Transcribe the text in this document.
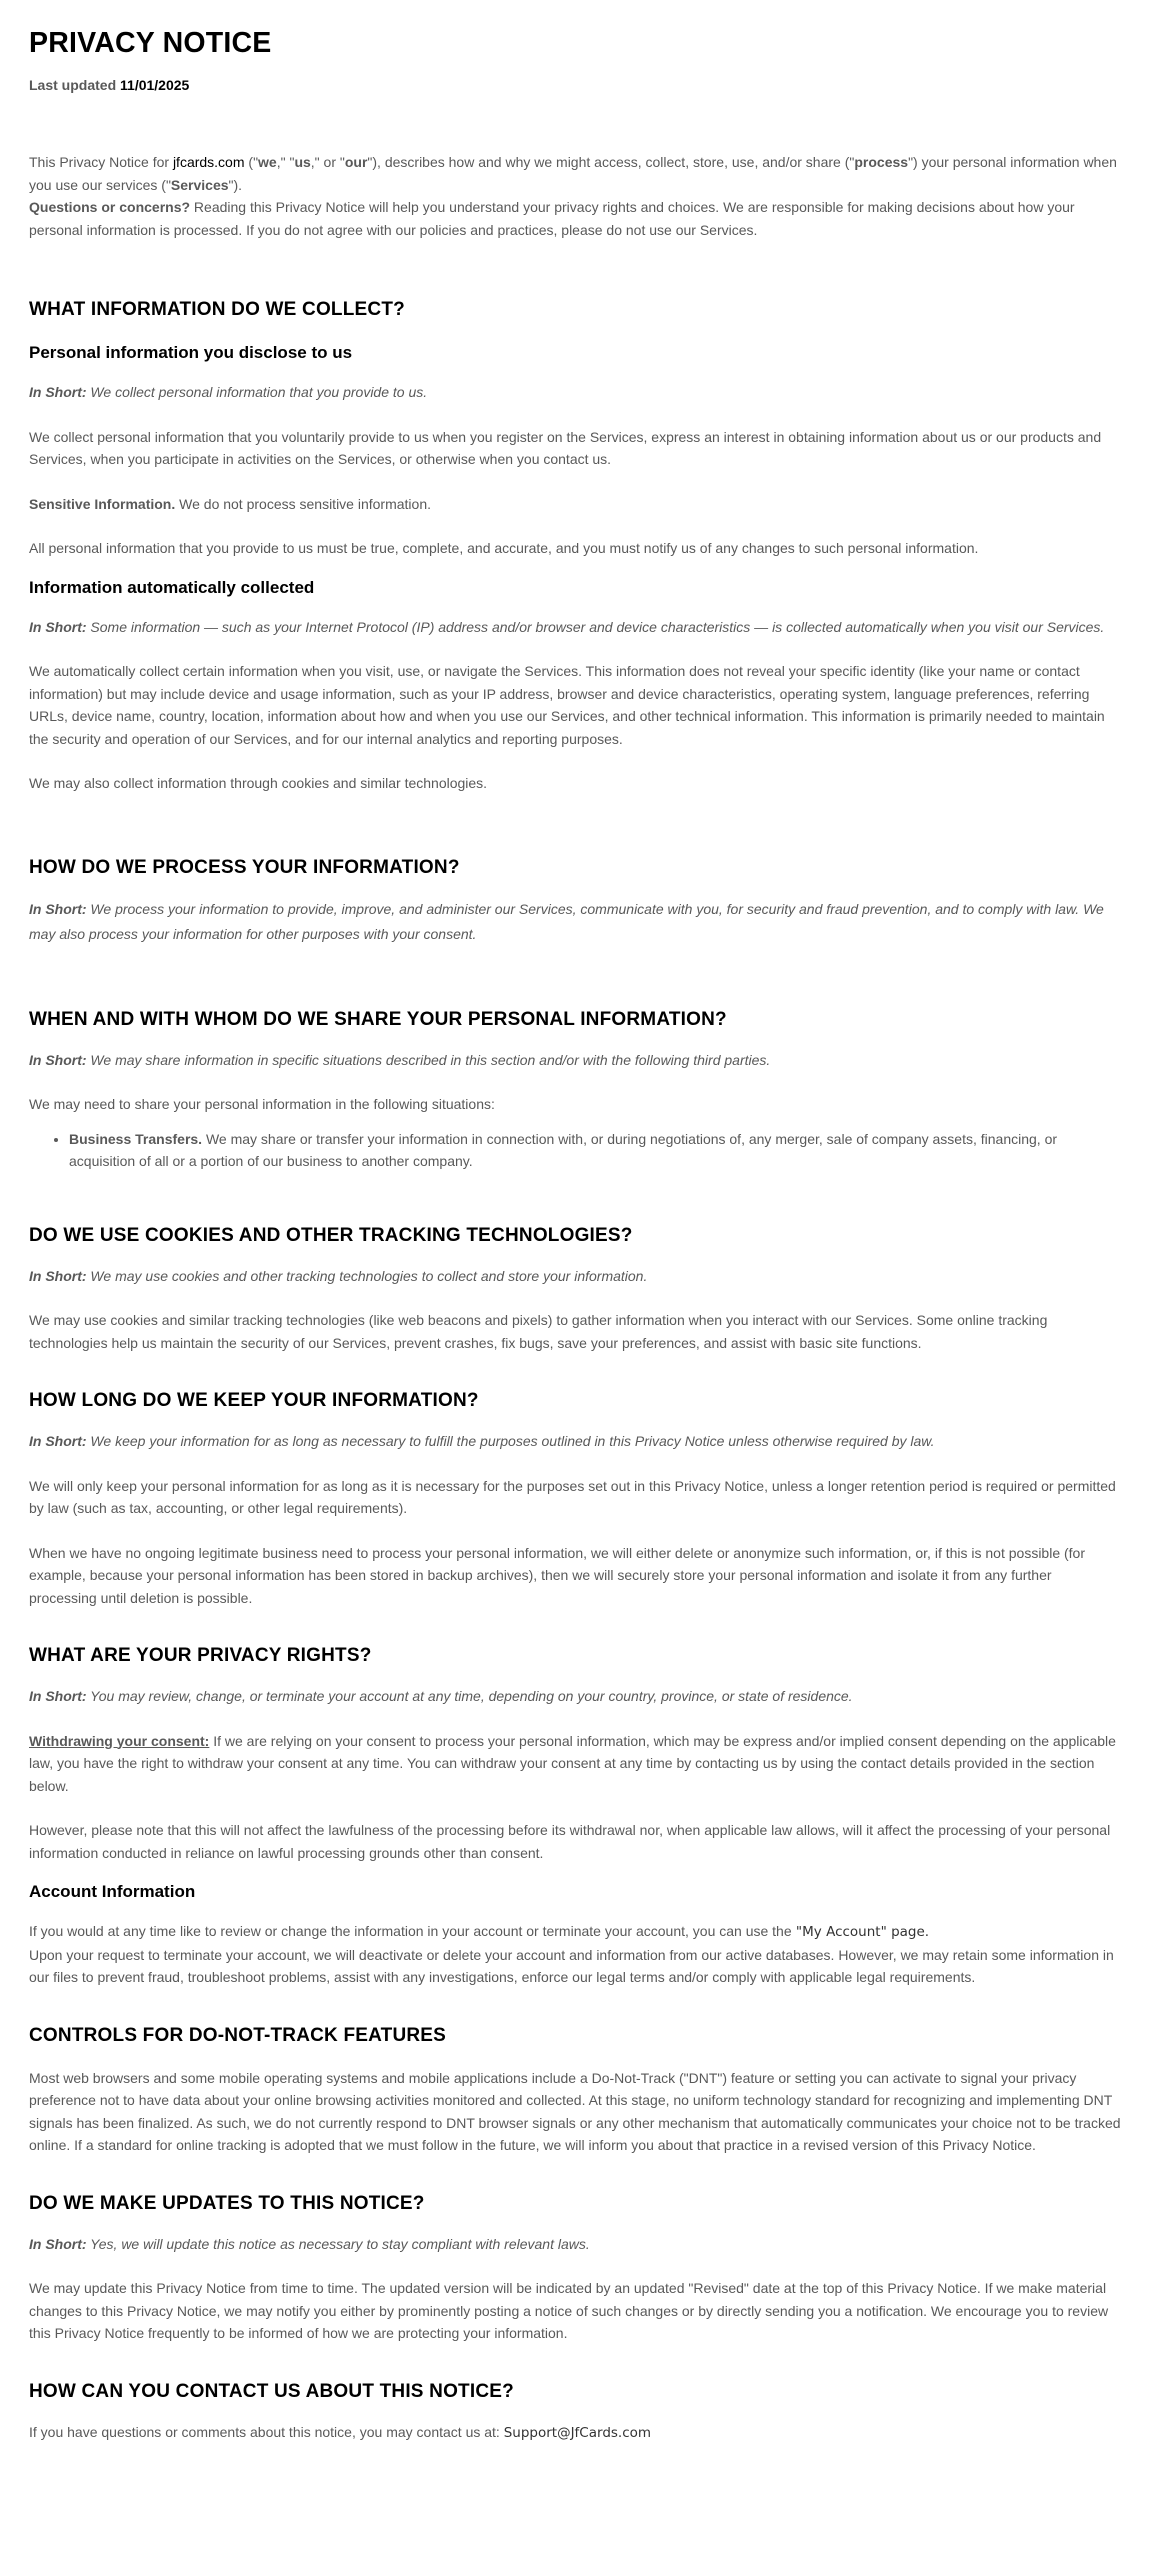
PRIVACY NOTICE
Last updated 11/01/2025

This Privacy Notice for jfcards.com ("we," "us," or "our"), describes how and why we might access, collect, store, use, and/or share ("process") your personal information when you use our services ("Services").

Questions or concerns? Reading this Privacy Notice will help you understand your privacy rights and choices. We are responsible for making decisions about how your personal information is processed. If you do not agree with our policies and practices, please do not use our Services.

WHAT INFORMATION DO WE COLLECT?
Personal information you disclose to us

In Short: We collect personal information that you provide to us.

We collect personal information that you voluntarily provide to us when you register on the Services, express an interest in obtaining information about us or our products and Services, when you participate in activities on the Services, or otherwise when you contact us.

Sensitive Information. We do not process sensitive information.

All personal information that you provide to us must be true, complete, and accurate, and you must notify us of any changes to such personal information.

Information automatically collected

In Short: Some information — such as your Internet Protocol (IP) address and/or browser and device characteristics — is collected automatically when you visit our Services.

We automatically collect certain information when you visit, use, or navigate the Services. This information does not reveal your specific identity (like your name or contact information) but may include device and usage information, such as your IP address, browser and device characteristics, operating system, language preferences, referring URLs, device name, country, location, information about how and when you use our Services, and other technical information. This information is primarily needed to maintain the security and operation of our Services, and for our internal analytics and reporting purposes.

We may also collect information through cookies and similar technologies.

HOW DO WE PROCESS YOUR INFORMATION?

In Short: We process your information to provide, improve, and administer our Services, communicate with you, for security and fraud prevention, and to comply with law. We may also process your information for other purposes with your consent.

WHEN AND WITH WHOM DO WE SHARE YOUR PERSONAL INFORMATION?

In Short: We may share information in specific situations described in this section and/or with the following third parties.

We may need to share your personal information in the following situations:

• Business Transfers. We may share or transfer your information in connection with, or during negotiations of, any merger, sale of company assets, financing, or acquisition of all or a portion of our business to another company.
DO WE USE COOKIES AND OTHER TRACKING TECHNOLOGIES?

In Short: We may use cookies and other tracking technologies to collect and store your information.

We may use cookies and similar tracking technologies (like web beacons and pixels) to gather information when you interact with our Services. Some online tracking technologies help us maintain the security of our Services, prevent crashes, fix bugs, save your preferences, and assist with basic site functions.

HOW LONG DO WE KEEP YOUR INFORMATION?

In Short: We keep your information for as long as necessary to fulfill the purposes outlined in this Privacy Notice unless otherwise required by law.

We will only keep your personal information for as long as it is necessary for the purposes set out in this Privacy Notice, unless a longer retention period is required or permitted by law (such as tax, accounting, or other legal requirements).

When we have no ongoing legitimate business need to process your personal information, we will either delete or anonymize such information, or, if this is not possible (for example, because your personal information has been stored in backup archives), then we will securely store your personal information and isolate it from any further processing until deletion is possible.

WHAT ARE YOUR PRIVACY RIGHTS?

In Short: You may review, change, or terminate your account at any time, depending on your country, province, or state of residence.

Withdrawing your consent: If we are relying on your consent to process your personal information, which may be express and/or implied consent depending on the applicable law, you have the right to withdraw your consent at any time. You can withdraw your consent at any time by contacting us by using the contact details provided in the section below.

However, please note that this will not affect the lawfulness of the processing before its withdrawal nor, when applicable law allows, will it affect the processing of your personal information conducted in reliance on lawful processing grounds other than consent.

Account Information

If you would at any time like to review or change the information in your account or terminate your account, you can use the "My Account" page.

Upon your request to terminate your account, we will deactivate or delete your account and information from our active databases. However, we may retain some information in our files to prevent fraud, troubleshoot problems, assist with any investigations, enforce our legal terms and/or comply with applicable legal requirements.

CONTROLS FOR DO-NOT-TRACK FEATURES

Most web browsers and some mobile operating systems and mobile applications include a Do-Not-Track ("DNT") feature or setting you can activate to signal your privacy preference not to have data about your online browsing activities monitored and collected. At this stage, no uniform technology standard for recognizing and implementing DNT signals has been finalized. As such, we do not currently respond to DNT browser signals or any other mechanism that automatically communicates your choice not to be tracked online. If a standard for online tracking is adopted that we must follow in the future, we will inform you about that practice in a revised version of this Privacy Notice.

DO WE MAKE UPDATES TO THIS NOTICE?

In Short: Yes, we will update this notice as necessary to stay compliant with relevant laws.

We may update this Privacy Notice from time to time. The updated version will be indicated by an updated "Revised" date at the top of this Privacy Notice. If we make material changes to this Privacy Notice, we may notify you either by prominently posting a notice of such changes or by directly sending you a notification. We encourage you to review this Privacy Notice frequently to be informed of how we are protecting your information.

HOW CAN YOU CONTACT US ABOUT THIS NOTICE?

If you have questions or comments about this notice, you may contact us at: Support@JfCards.com
